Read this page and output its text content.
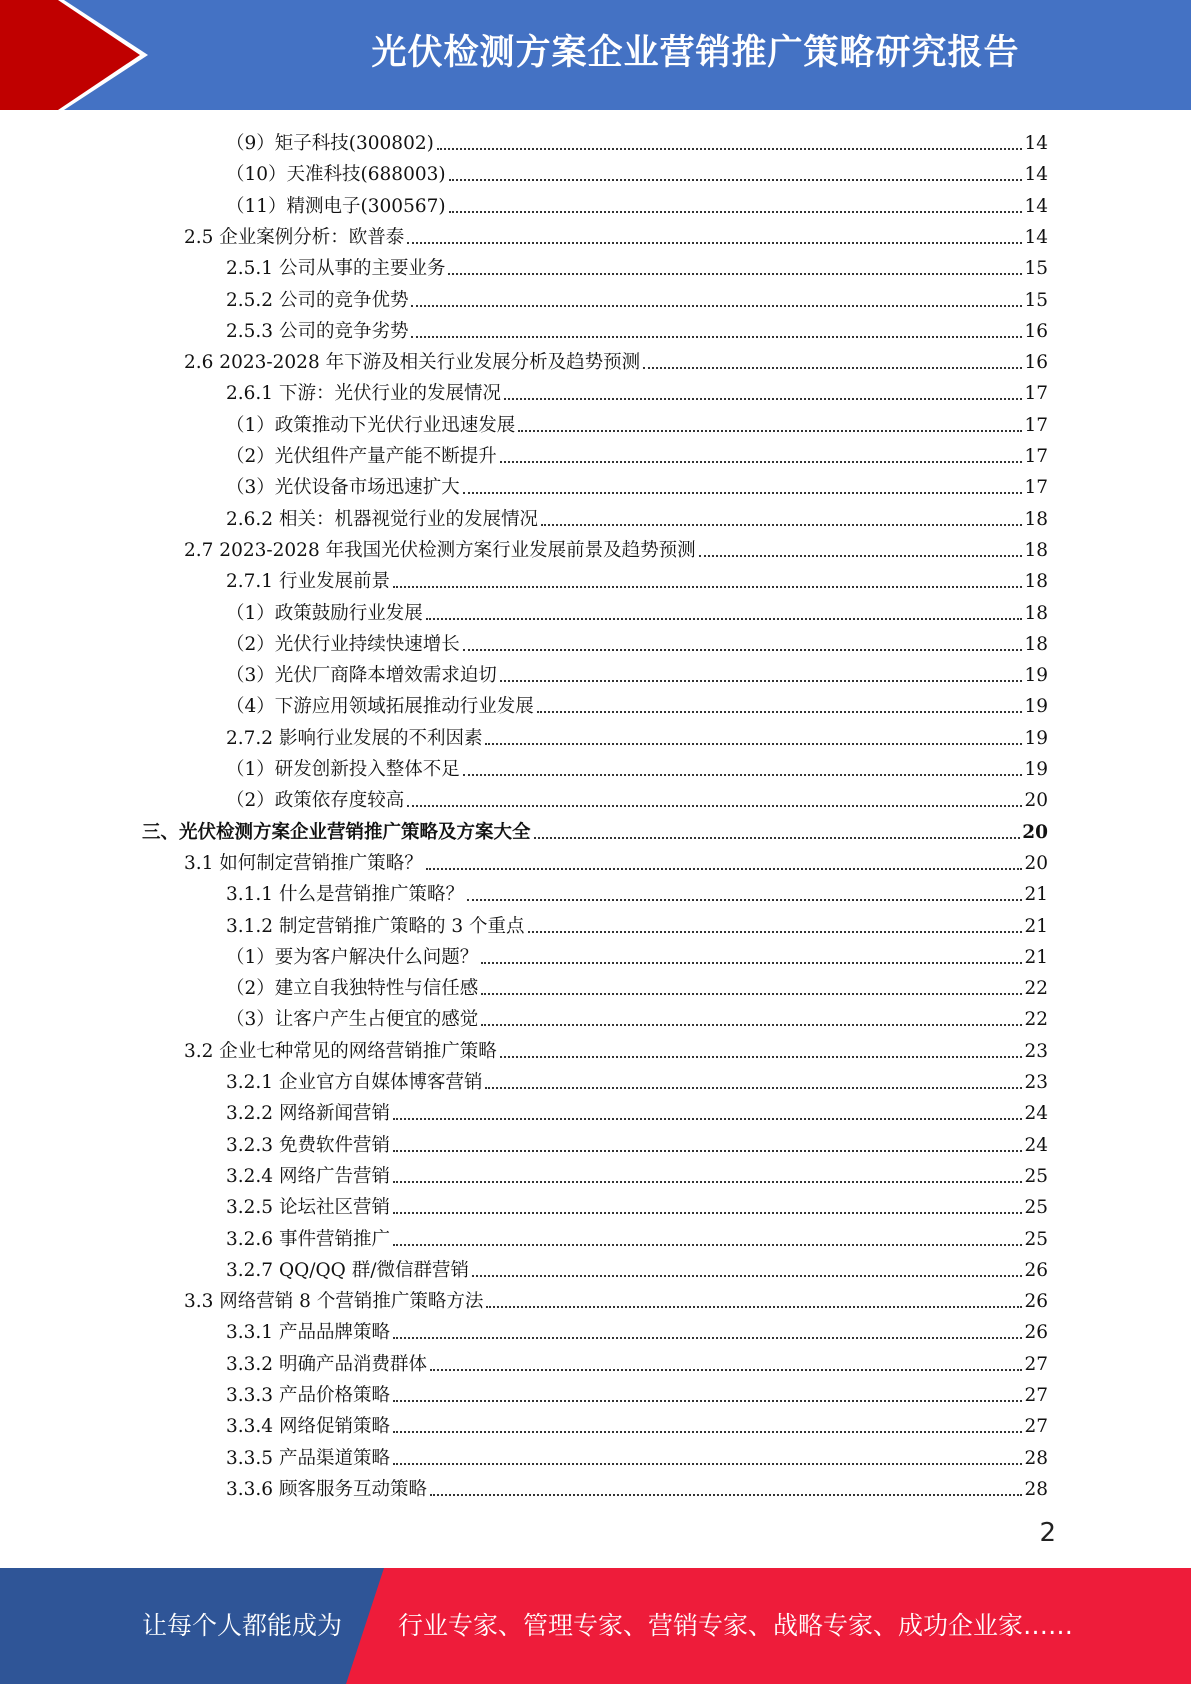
光伏检测方案企业营销推广策略研究报告
（9）矩子科技(300802)	14
（10）天准科技(688003)	14
（11）精测电子(300567)	14
2.5 企业案例分析：欧普泰	14
2.5.1 公司从事的主要业务	15
2.5.2 公司的竞争优势	15
2.5.3 公司的竞争劣势	16
2.6 2023-2028 年下游及相关行业发展分析及趋势预测	16
2.6.1 下游：光伏行业的发展情况	17
（1）政策推动下光伏行业迅速发展	17
（2）光伏组件产量产能不断提升	17
（3）光伏设备市场迅速扩大	17
2.6.2 相关：机器视觉行业的发展情况	18
2.7 2023-2028 年我国光伏检测方案行业发展前景及趋势预测	18
2.7.1 行业发展前景	18
（1）政策鼓励行业发展	18
（2）光伏行业持续快速增长	18
（3）光伏厂商降本增效需求迫切	19
（4）下游应用领域拓展推动行业发展	19
2.7.2 影响行业发展的不利因素	19
（1）研发创新投入整体不足	19
（2）政策依存度较高	20
三、光伏检测方案企业营销推广策略及方案大全	20
3.1 如何制定营销推广策略？	20
3.1.1 什么是营销推广策略？	21
3.1.2 制定营销推广策略的 3 个重点	21
（1）要为客户解决什么问题？	21
（2）建立自我独特性与信任感	22
（3）让客户产生占便宜的感觉	22
3.2 企业七种常见的网络营销推广策略	23
3.2.1 企业官方自媒体博客营销	23
3.2.2 网络新闻营销	24
3.2.3 免费软件营销	24
3.2.4 网络广告营销	25
3.2.5 论坛社区营销	25
3.2.6 事件营销推广	25
3.2.7 QQ/QQ 群/微信群营销	26
3.3 网络营销 8 个营销推广策略方法	26
3.3.1 产品品牌策略	26
3.3.2 明确产品消费群体	27
3.3.3 产品价格策略	27
3.3.4 网络促销策略	27
3.3.5 产品渠道策略	28
3.3.6 顾客服务互动策略	28
2
让每个人都能成为 行业专家、管理专家、营销专家、战略专家、成功企业家……
